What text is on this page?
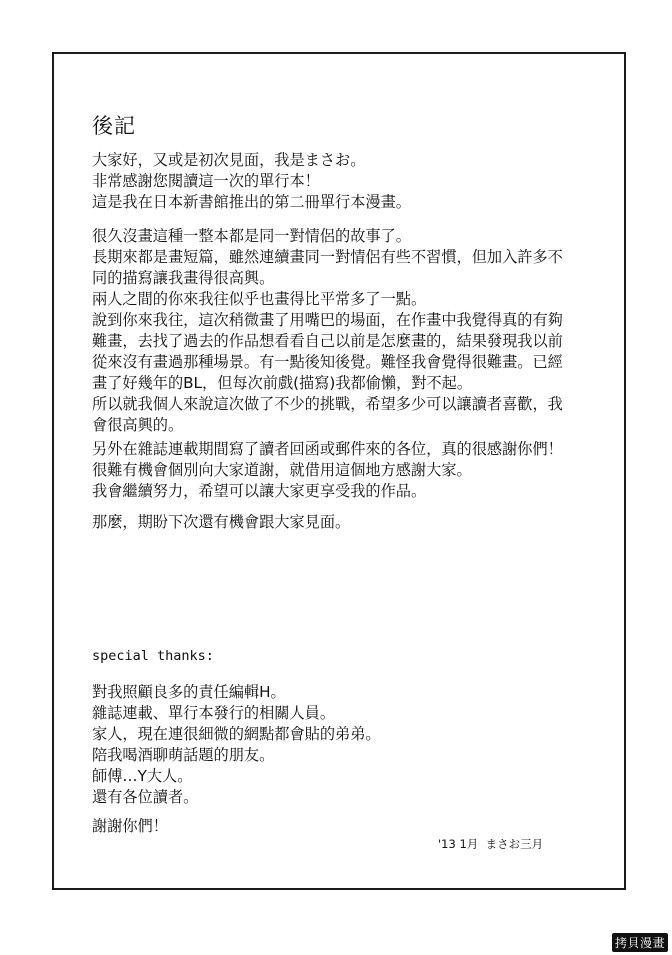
後記
大家好，又或是初次見面，我是まさお。
非常感謝您閱讀這一次的單行本！
這是我在日本新書館推出的第二冊單行本漫畫。
很久沒畫這種一整本都是同一對情侶的故事了。
長期來都是畫短篇，雖然連續畫同一對情侶有些不習慣，但加入許多不
同的描寫讓我畫得很高興。
兩人之間的你來我往似乎也畫得比平常多了一點。
說到你來我往，這次稍微畫了用嘴巴的場面，在作畫中我覺得真的有夠
難畫，去找了過去的作品想看看自己以前是怎麼畫的，結果發現我以前
從來沒有畫過那種場景。有一點後知後覺。難怪我會覺得很難畫。已經
畫了好幾年的BL，但每次前戲(描寫)我都偷懶，對不起。
所以就我個人來說這次做了不少的挑戰，希望多少可以讓讀者喜歡，我
會很高興的。
另外在雜誌連載期間寫了讀者回函或郵件來的各位，真的很感謝你們！
很難有機會個別向大家道謝，就借用這個地方感謝大家。
我會繼續努力，希望可以讓大家更享受我的作品。
那麼，期盼下次還有機會跟大家見面。
special thanks:
對我照顧良多的責任編輯H。
雜誌連載、單行本發行的相關人員。
家人，現在連很細微的網點都會貼的弟弟。
陪我喝酒聊萌話題的朋友。
師傅…Y大人。
還有各位讀者。

謝謝你們！

'13 1月  まさお三月

拷貝漫畫
